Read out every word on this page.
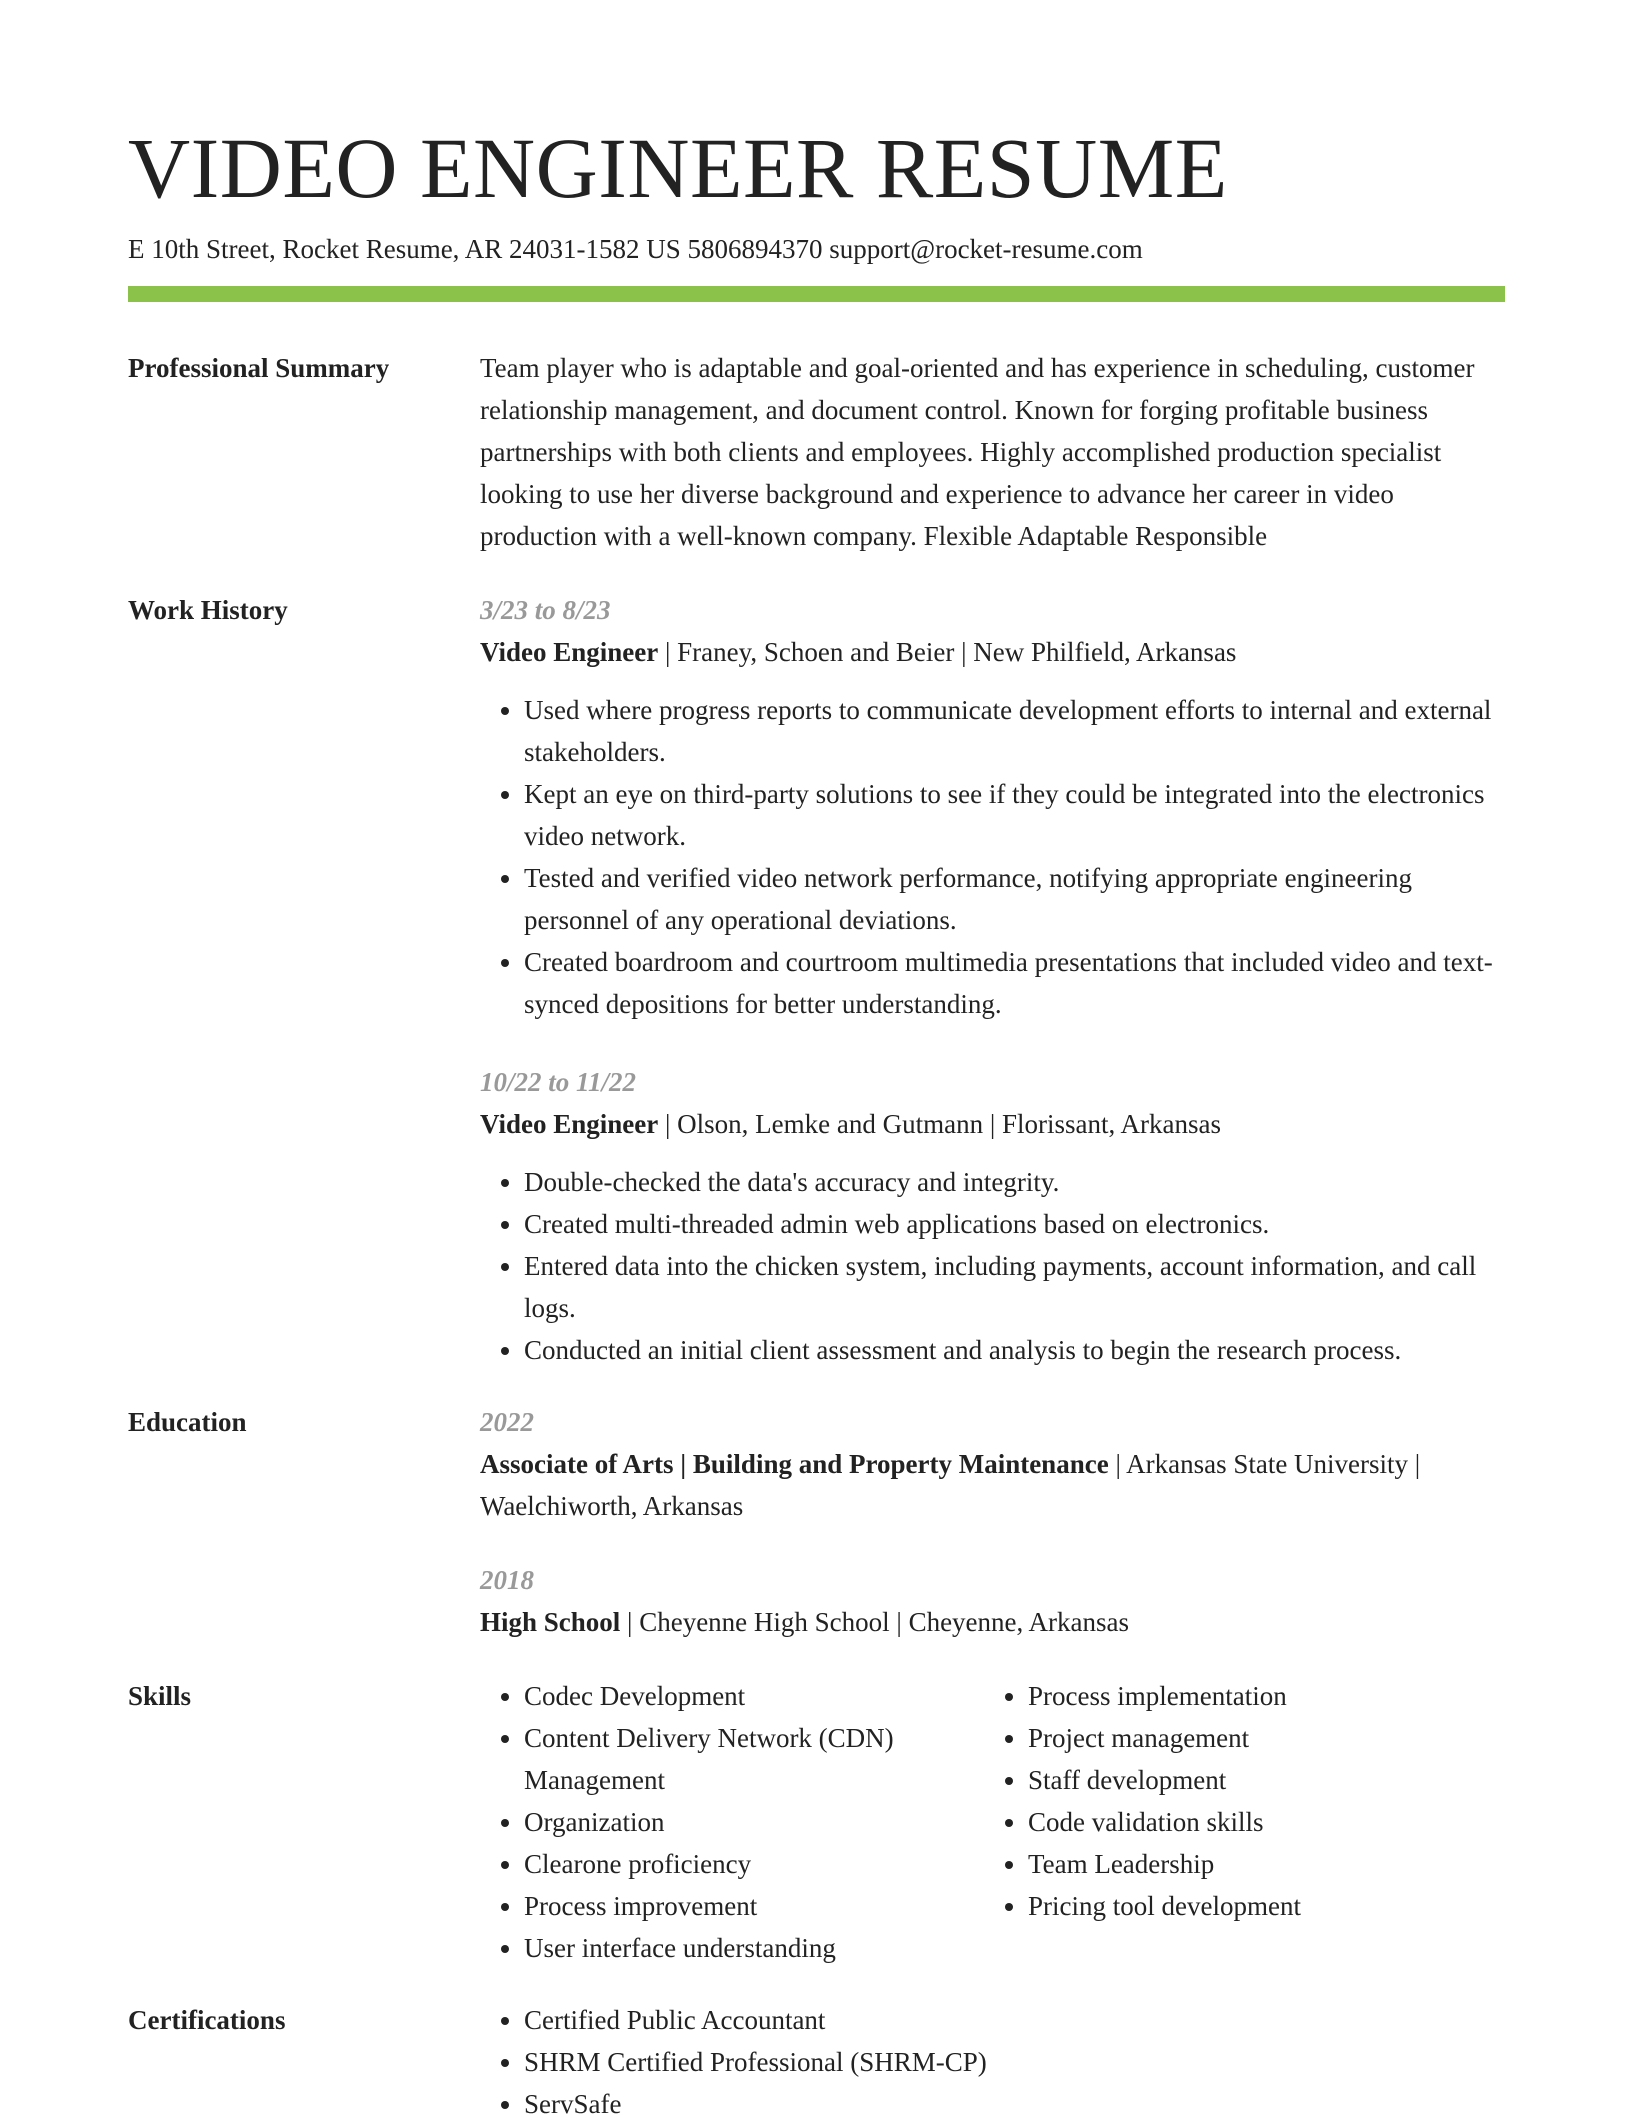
VIDEO ENGINEER RESUME
E 10th Street, Rocket Resume, AR 24031-1582 US 5806894370 support@rocket-resume.com
Professional Summary	Team player who is adaptable and goal-oriented and has experience in scheduling, customer relationship management, and document control. Known for forging profitable business partnerships with both clients and employees. Highly accomplished production specialist looking to use her diverse background and experience to advance her career in video production with a well-known company. Flexible Adaptable Responsible

Work History	3/23 to 8/23
Video Engineer | Franey, Schoen and Beier | New Philfield, Arkansas
• Used where progress reports to communicate development efforts to internal and external stakeholders.
• Kept an eye on third-party solutions to see if they could be integrated into the electronics video network.
• Tested and verified video network performance, notifying appropriate engineering personnel of any operational deviations.
• Created boardroom and courtroom multimedia presentations that included video and text-synced depositions for better understanding.
10/22 to 11/22
Video Engineer | Olson, Lemke and Gutmann | Florissant, Arkansas
• Double-checked the data's accuracy and integrity.
• Created multi-threaded admin web applications based on electronics.
• Entered data into the chicken system, including payments, account information, and call logs.
• Conducted an initial client assessment and analysis to begin the research process.
Education	2022
Associate of Arts | Building and Property Maintenance | Arkansas State University | Waelchiworth, Arkansas
2018
High School | Cheyenne High School | Cheyenne, Arkansas
Skills	• Codec Development
• Content Delivery Network (CDN) Management
• Organization
• Clearone proficiency
• Process improvement
• User interface understanding
• Process implementation
• Project management
• Staff development
• Code validation skills
• Team Leadership
• Pricing tool development
Certifications	• Certified Public Accountant
• SHRM Certified Professional (SHRM-CP)
• ServSafe
